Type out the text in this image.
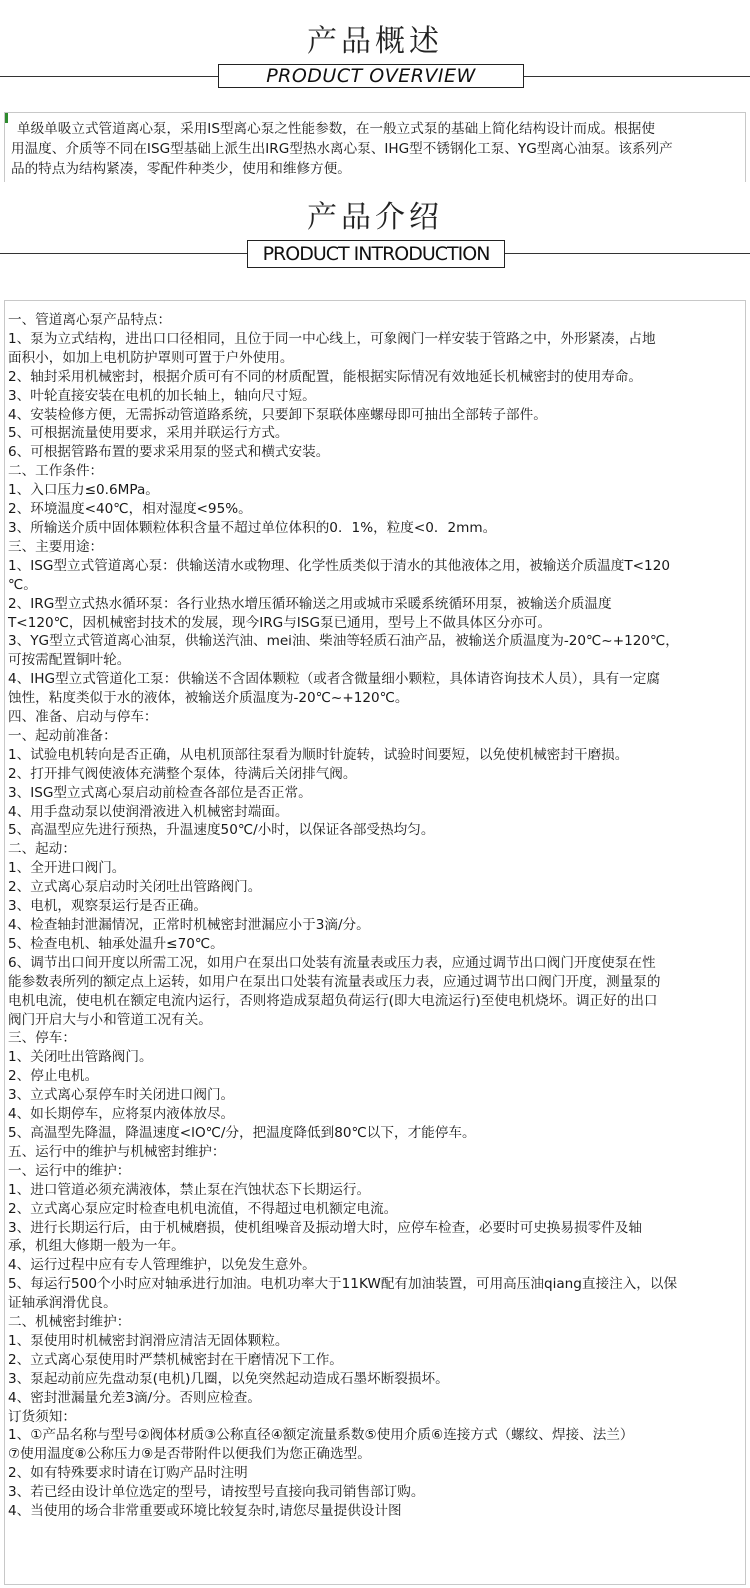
产品概述
PRODUCT OVERVIEW
单级单吸立式管道离心泵，采用IS型离心泵之性能参数，在一般立式泵的基础上简化结构设计而成。根据使
用温度、介质等不同在ISG型基础上派生出IRG型热水离心泵、IHG型不锈钢化工泵、YG型离心油泵。该系列产
品的特点为结构紧凑，零配件种类少，使用和维修方便。
产品介绍
PRODUCT INTRODUCTION
一、管道离心泵产品特点：
1、泵为立式结构，进出口口径相同，且位于同一中心线上，可象阀门一样安装于管路之中，外形紧凑，占地
面积小，如加上电机防护罩则可置于户外使用。
2、轴封采用机械密封，根据介质可有不同的材质配置，能根据实际情况有效地延长机械密封的使用寿命。
3、叶轮直接安装在电机的加长轴上，轴向尺寸短。
4、安装检修方便，无需拆动管道路系统，只要卸下泵联体座螺母即可抽出全部转子部件。
5、可根据流量使用要求，采用并联运行方式。
6、可根据管路布置的要求采用泵的竖式和横式安装。
二、工作条件：
1、入口压力≤0.6MPa。
2、环境温度<40℃，相对湿度<95%。
3、所输送介质中固体颗粒体积含量不超过单位体积的0．1%，粒度<0．2mm。
三、主要用途：
1、ISG型立式管道离心泵：供输送清水或物理、化学性质类似于清水的其他液体之用，被输送介质温度T<120
℃。
2、IRG型立式热水循环泵：各行业热水增压循环输送之用或城市采暖系统循环用泵，被输送介质温度
T<120℃，因机械密封技术的发展，现今IRG与ISG泵已通用，型号上不做具体区分亦可。
3、YG型立式管道离心油泵，供输送汽油、mei油、柴油等轻质石油产品，被输送介质温度为-20℃~+120℃，
可按需配置铜叶轮。
4、IHG型立式管道化工泵：供输送不含固体颗粒（或者含微量细小颗粒，具体请咨询技术人员），具有一定腐
蚀性，粘度类似于水的液体，被输送介质温度为-20℃~+120℃。
四、准备、启动与停车：
一、起动前准备：
1、试验电机转向是否正确，从电机顶部往泵看为顺时针旋转，试验时间要短，以免使机械密封干磨损。
2、打开排气阀使液体充满整个泵体，待满后关闭排气阀。
3、ISG型立式离心泵启动前检查各部位是否正常。
4、用手盘动泵以使润滑液进入机械密封端面。
5、高温型应先进行预热，升温速度50℃/小时，以保证各部受热均匀。
二、起动：
1、全开进口阀门。
2、立式离心泵启动时关闭吐出管路阀门。
3、电机，观察泵运行是否正确。
4、检查轴封泄漏情况，正常时机械密封泄漏应小于3滴/分。
5、检查电机、轴承处温升≤70℃。
6、调节出口间开度以所需工况，如用户在泵出口处装有流量表或压力表，应通过调节出口阀门开度使泵在性
能参数表所列的额定点上运转，如用户在泵出口处装有流量表或压力表，应通过调节出口阀门开度，测量泵的
电机电流，使电机在额定电流内运行，否则将造成泵超负荷运行(即大电流运行)至使电机烧坏。调正好的出口
阀门开启大与小和管道工况有关。
三、停车：
1、关闭吐出管路阀门。
2、停止电机。
3、立式离心泵停车时关闭进口阀门。
4、如长期停车，应将泵内液体放尽。
5、高温型先降温，降温速度<lO℃/分，把温度降低到80℃以下，才能停车。
五、运行中的维护与机械密封维护：
一、运行中的维护：
1、进口管道必须充满液体，禁止泵在汽蚀状态下长期运行。
2、立式离心泵应定时检查电机电流值，不得超过电机额定电流。
3、进行长期运行后，由于机械磨损，使机组噪音及振动增大时，应停车检查，必要时可史换易损零件及轴
承，机组大修期一般为一年。
4、运行过程中应有专人管理维护，以免发生意外。
5、每运行500个小时应对轴承进行加油。电机功率大于11KW配有加油装置，可用高压油qiang直接注入，以保
证轴承润滑优良。
二、机械密封维护：
1、泵使用时机械密封润滑应清洁无固体颗粒。
2、立式离心泵使用时严禁机械密封在干磨情况下工作。
3、泵起动前应先盘动泵(电机)几圈，以免突然起动造成石墨坏断裂损坏。
4、密封泄漏量允差3滴/分。否则应检查。
订货须知：
1、①产品名称与型号②阀体材质③公称直径④额定流量系数⑤使用介质⑥连接方式（螺纹、焊接、法兰）
⑦使用温度⑧公称压力⑨是否带附件以便我们为您正确选型。
2、如有特殊要求时请在订购产品时注明
3、若已经由设计单位选定的型号，请按型号直接向我司销售部订购。
4、当使用的场合非常重要或环境比较复杂时,请您尽量提供设计图
